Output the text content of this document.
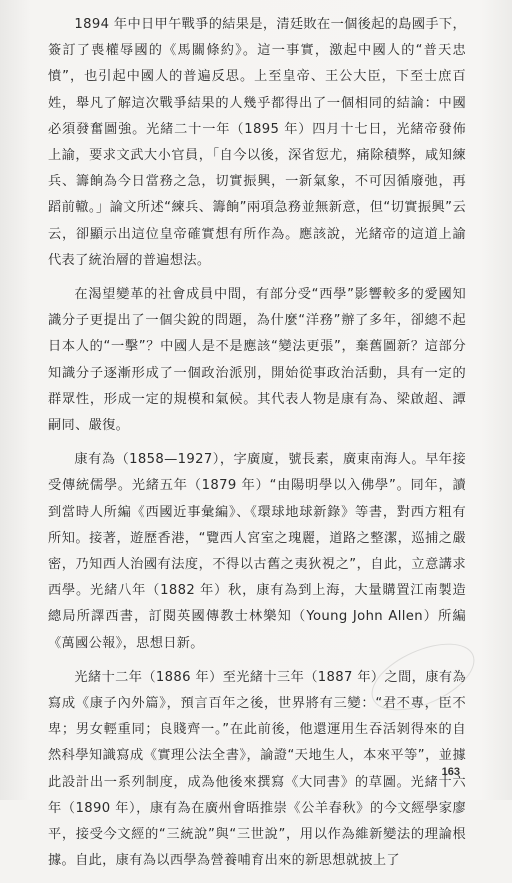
1894 年中日甲午戰爭的結果是，清廷敗在一個後起的島國手下，簽訂了喪權辱國的《馬關條約》。這一事實，激起中國人的“普天忠憤”，也引起中國人的普遍反思。上至皇帝、王公大臣，下至士庶百姓，舉凡了解這次戰爭結果的人幾乎都得出了一個相同的結論：中國必須發奮圖強。光緒二十一年（1895 年）四月十七日，光緒帝發佈上諭，要求文武大小官員，「自今以後，深省愆尤，痛除積弊，咸知練兵、籌餉為今日當務之急，切實振興，一新氣象，不可因循廢弛，再蹈前轍。」論文所述“練兵、籌餉”兩項急務並無新意，但“切實振興”云云，卻顯示出這位皇帝確實想有所作為。應該說，光緒帝的這道上諭代表了統治層的普遍想法。

在渴望變革的社會成員中間，有部分受“西學”影響較多的愛國知識分子更提出了一個尖銳的問題，為什麼“洋務”辦了多年，卻總不起日本人的“一擊”？中國人是不是應該“變法更張”，棄舊圖新？這部分知識分子逐漸形成了一個政治派別，開始從事政治活動，具有一定的群眾性，形成一定的規模和氣候。其代表人物是康有為、梁啟超、譚嗣同、嚴復。

康有為（1858—1927），字廣廈，號長素，廣東南海人。早年接受傳統儒學。光緒五年（1879 年）“由陽明學以入佛學”。同年，讀到當時人所編《西國近事彙編》、《環球地球新錄》等書，對西方粗有所知。接著，遊歷香港，“覽西人宮室之瑰麗，道路之整潔，巡捕之嚴密，乃知西人治國有法度，不得以古舊之夷狄視之”，自此，立意講求西學。光緒八年（1882 年）秋，康有為到上海，大量購置江南製造總局所譯西書，訂閱英國傳教士林樂知（Young John Allen）所編《萬國公報》，思想日新。

光緒十二年（1886 年）至光緒十三年（1887 年）之間，康有為寫成《康子內外篇》，預言百年之後，世界將有三變：“君不專，臣不卑；男女輕重同；良賤齊一。”在此前後，他還運用生吞活剝得來的自然科學知識寫成《實理公法全書》，論證“天地生人，本來平等”，並據此設計出一系列制度，成為他後來撰寫《大同書》的草圖。光緒十六年（1890 年），康有為在廣州會晤推崇《公羊春秋》的今文經學家廖平，接受今文經的“三統說”與“三世說”，用以作為維新變法的理論根據。自此，康有為以西學為營養哺育出來的新思想就披上了

163
